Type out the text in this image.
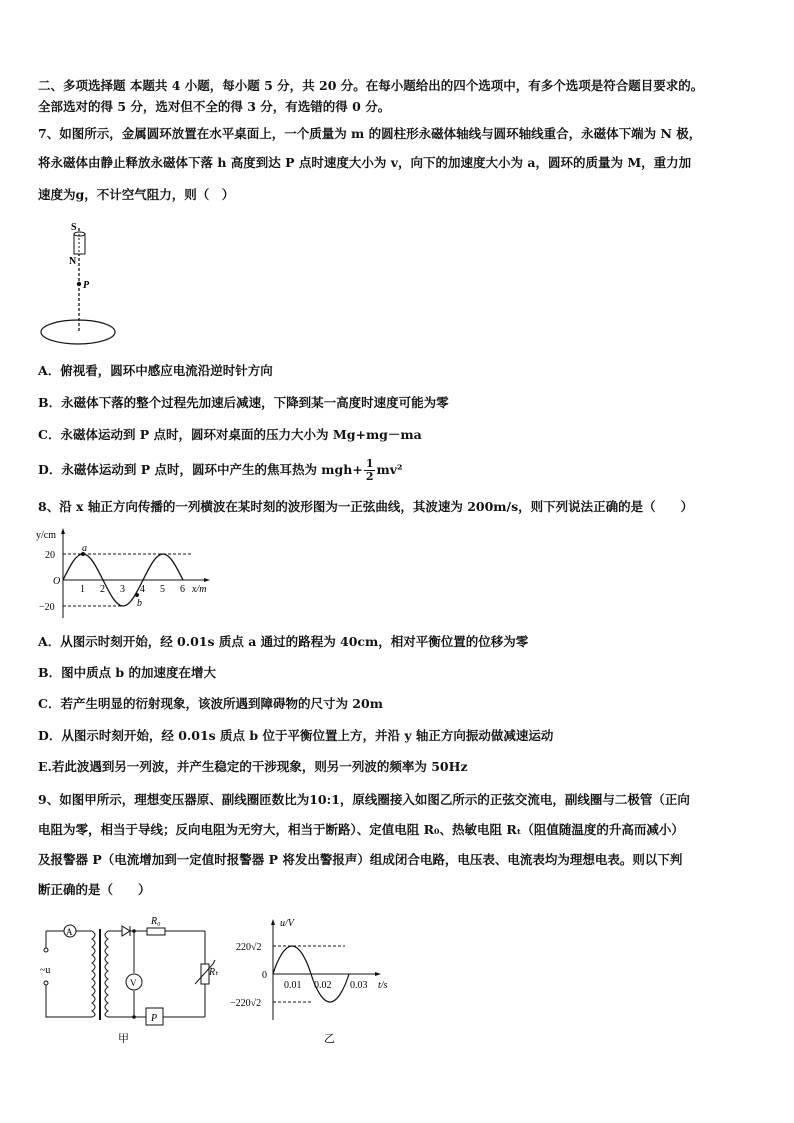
二、多项选择题 本题共 4 小题，每小题 5 分，共 20 分。在每小题给出的四个选项中，有多个选项是符合题目要求的。
全部选对的得 5 分，选对但不全的得 3 分，有选错的得 0 分。
7、如图所示，金属圆环放置在水平桌面上，一个质量为 m 的圆柱形永磁体轴线与圆环轴线重合，永磁体下端为 N 极，
将永磁体由静止释放永磁体下落 h 高度到达 P 点时速度大小为 v，向下的加速度大小为 a，圆环的质量为 M，重力加
速度为g，不计空气阻力，则（　）
S
N
P
A．俯视看，圆环中感应电流沿逆时针方向
B．永磁体下落的整个过程先加速后减速，下降到某一高度时速度可能为零
C．永磁体运动到 P 点时，圆环对桌面的压力大小为 Mg+mg－ma
D．永磁体运动到 P 点时，圆环中产生的焦耳热为 $mgh+ \frac{1}{2} mv^2$
8、沿 x 轴正方向传播的一列横波在某时刻的波形图为一正弦曲线，其波速为 200m/s，则下列说法正确的是（　　）
a
b
y/cm
20
−20
O
1 2 3 4 5 6 x/m
A．从图示时刻开始，经 0.01s 质点 a 通过的路程为 40cm，相对平衡位置的位移为零
B．图中质点 b 的加速度在增大
C．若产生明显的衍射现象，该波所遇到障碍物的尺寸为 20m
D．从图示时刻开始，经 0.01s 质点 b 位于平衡位置上方，并沿 y 轴正方向振动做减速运动
E.若此波遇到另一列波，并产生稳定的干涉现象，则另一列波的频率为 50Hz
9、如图甲所示，理想变压器原、副线圈匝数比为10:1，原线圈接入如图乙所示的正弦交流电，副线圈与二极管（正向
电阻为零，相当于导线；反向电阻为无穷大，相当于断路）、定值电阻 R₀、热敏电阻 Rₜ（阻值随温度的升高而减小）
及报警器 P（电流增加到一定值时报警器 P 将发出警报声）组成闭合电路，电压表、电流表均为理想电表。则以下判
断正确的是（　　）
A
R₀
V
Rₜ
P
~u
甲
u/V
220√2
0
−220√2
0.01 0.02 0.03 t/s
乙
